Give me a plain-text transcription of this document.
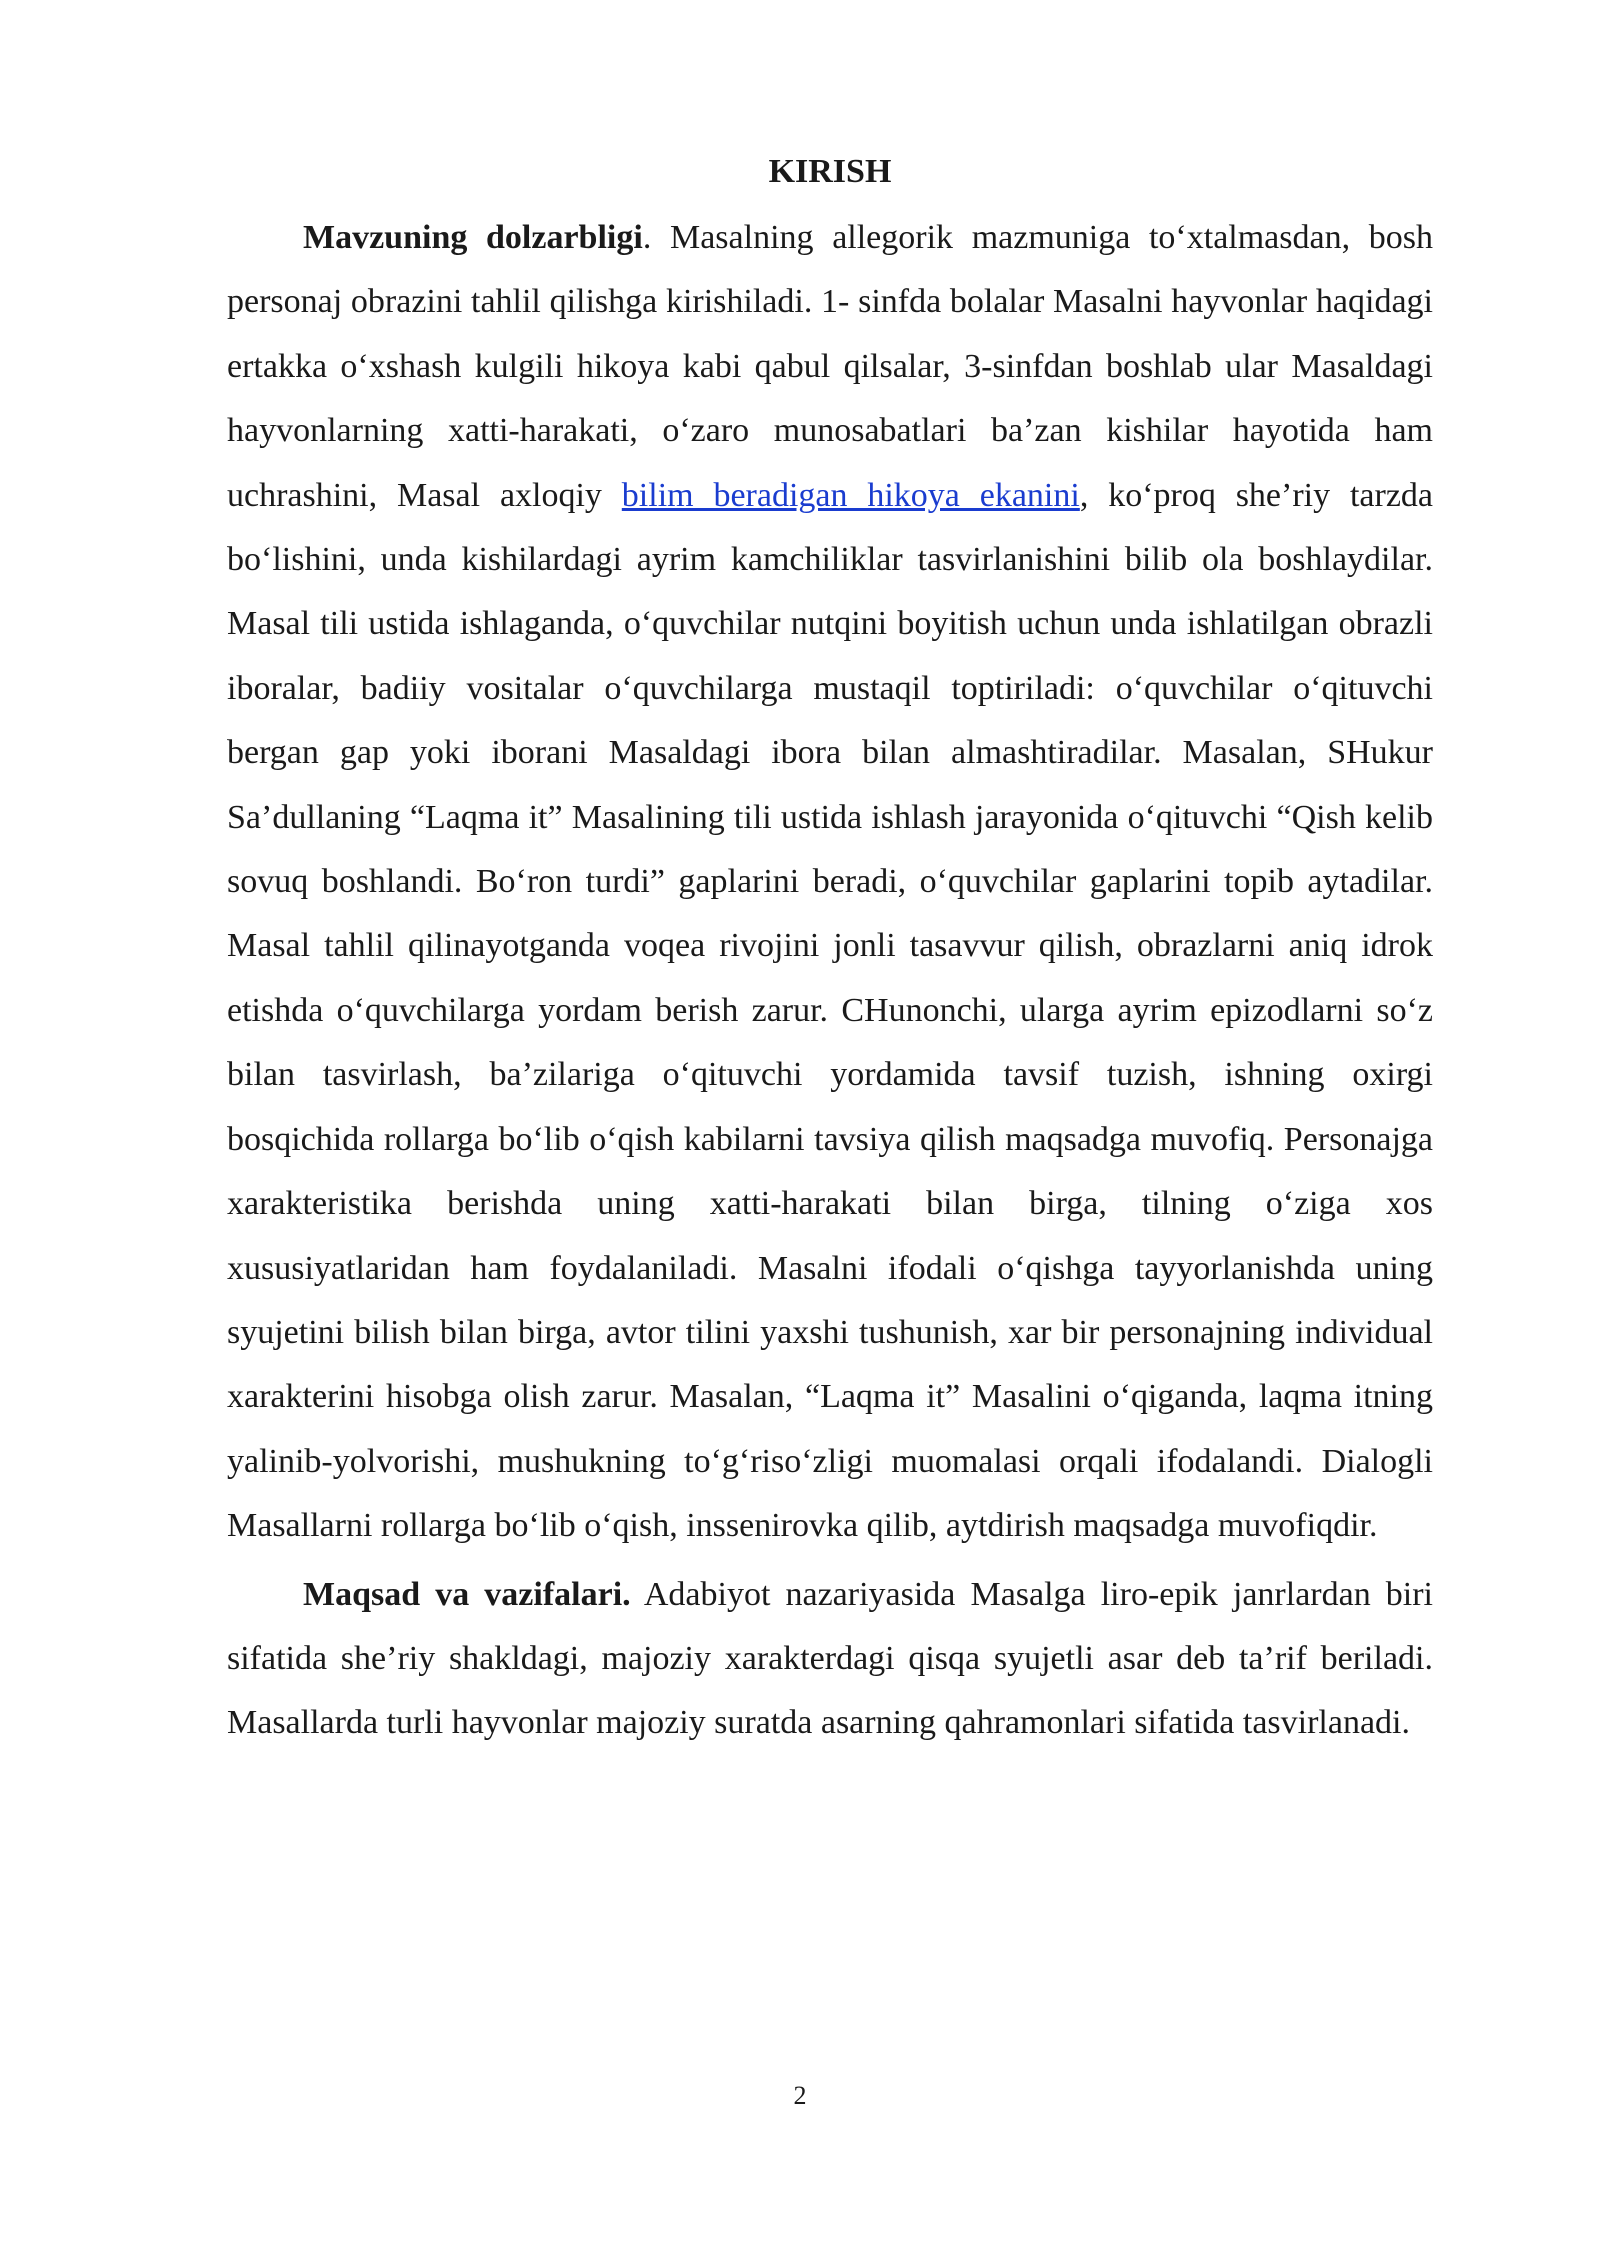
KIRISH

Mavzuning dolzarbligi. Masalning allegorik mazmuniga to‘xtalmasdan, bosh personaj obrazini tahlil qilishga kirishiladi. 1- sinfda bolalar Masalni hayvonlar haqidagi ertakka o‘xshash kulgili hikoya kabi qabul qilsalar, 3-sinfdan boshlab ular Masaldagi hayvonlarning xatti-harakati, o‘zaro munosabatlari ba’zan kishilar hayotida ham uchrashini, Masal axloqiy bilim beradigan hikoya ekanini, ko‘proq she’riy tarzda bo‘lishini, unda kishilardagi ayrim kamchiliklar tasvirlanishini bilib ola boshlaydilar. Masal tili ustida ishlaganda, o‘quvchilar nutqini boyitish uchun unda ishlatilgan obrazli iboralar, badiiy vositalar o‘quvchilarga mustaqil toptiriladi: o‘quvchilar o‘qituvchi bergan gap yoki iborani Masaldagi ibora bilan almashtiradilar. Masalan, SHukur Sa’dullaning “Laqma it” Masalining tili ustida ishlash jarayonida o‘qituvchi “Qish kelib sovuq boshlandi. Bo‘ron turdi” gaplarini beradi, o‘quvchilar gaplarini topib aytadilar. Masal tahlil qilinayotganda voqea rivojini jonli tasavvur qilish, obrazlarni aniq idrok etishda o‘quvchilarga yordam berish zarur. CHunonchi, ularga ayrim epizodlarni so‘z bilan tasvirlash, ba’zilariga o‘qituvchi yordamida tavsif tuzish, ishning oxirgi bosqichida rollarga bo‘lib o‘qish kabilarni tavsiya qilish maqsadga muvofiq. Personajga xarakteristika berishda uning xatti-harakati bilan birga, tilning o‘ziga xos xususiyatlaridan ham foydalaniladi. Masalni ifodali o‘qishga tayyorlanishda uning syujetini bilish bilan birga, avtor tilini yaxshi tushunish, xar bir personajning individual xarakterini hisobga olish zarur. Masalan, “Laqma it” Masalini o‘qiganda, laqma itning yalinib-yolvorishi, mushukning to‘g‘riso‘zligi muomalasi orqali ifodalandi. Dialogli Masallarni rollarga bo‘lib o‘qish, inssenirovka qilib, aytdirish maqsadga muvofiqdir.

Maqsad va vazifalari. Adabiyot nazariyasida Masalga liro-epik janrlardan biri sifatida she’riy shakldagi, majoziy xarakterdagi qisqa syujetli asar deb ta’rif beriladi. Masallarda turli hayvonlar majoziy suratda asarning qahramonlari sifatida tasvirlanadi.

2
